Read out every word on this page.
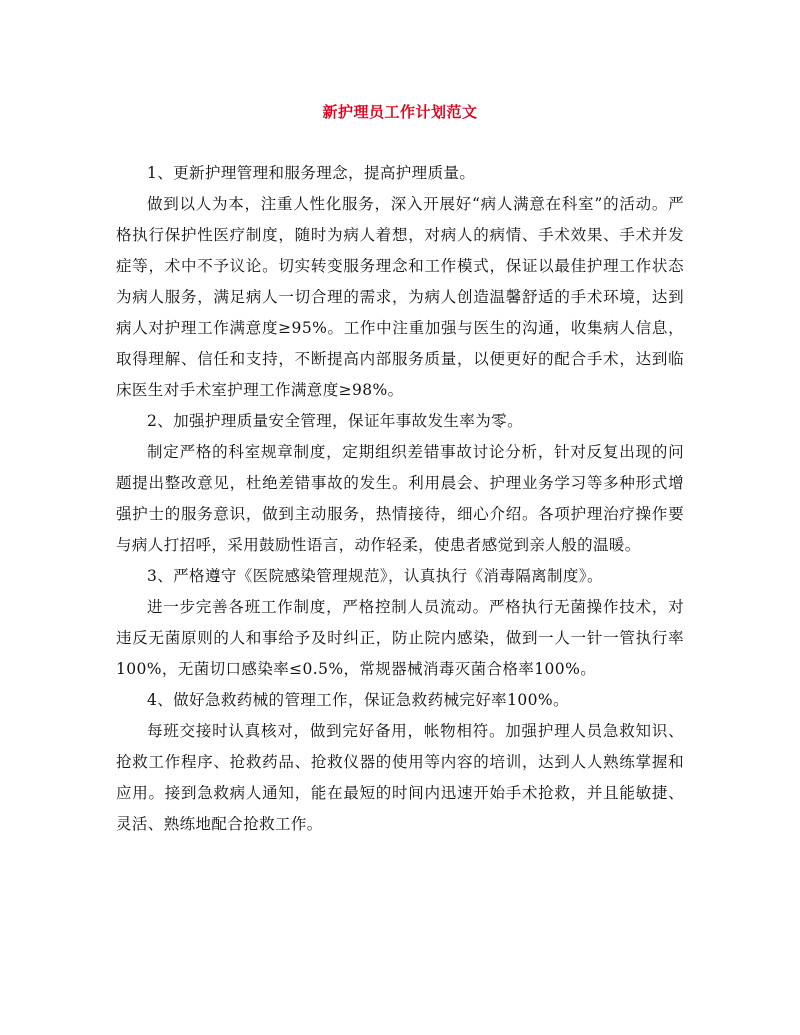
新护理员工作计划范文

1、更新护理管理和服务理念，提高护理质量。

做到以人为本，注重人性化服务，深入开展好“病人满意在科室”的活动。严格执行保护性医疗制度，随时为病人着想，对病人的病情、手术效果、手术并发症等，术中不予议论。切实转变服务理念和工作模式，保证以最佳护理工作状态为病人服务，满足病人一切合理的需求，为病人创造温馨舒适的手术环境，达到病人对护理工作满意度≥95%。工作中注重加强与医生的沟通，收集病人信息，取得理解、信任和支持，不断提高内部服务质量，以便更好的配合手术，达到临床医生对手术室护理工作满意度≥98%。

2、加强护理质量安全管理，保证年事故发生率为零。

制定严格的科室规章制度，定期组织差错事故讨论分析，针对反复出现的问题提出整改意见，杜绝差错事故的发生。利用晨会、护理业务学习等多种形式增强护士的服务意识，做到主动服务，热情接待，细心介绍。各项护理治疗操作要与病人打招呼，采用鼓励性语言，动作轻柔，使患者感觉到亲人般的温暖。

3、严格遵守《医院感染管理规范》，认真执行《消毒隔离制度》。

进一步完善各班工作制度，严格控制人员流动。严格执行无菌操作技术，对违反无菌原则的人和事给予及时纠正，防止院内感染，做到一人一针一管执行率100%，无菌切口感染率≤0.5%，常规器械消毒灭菌合格率100%。

4、做好急救药械的管理工作，保证急救药械完好率100%。

每班交接时认真核对，做到完好备用，帐物相符。加强护理人员急救知识、抢救工作程序、抢救药品、抢救仪器的使用等内容的培训，达到人人熟练掌握和应用。接到急救病人通知，能在最短的时间内迅速开始手术抢救，并且能敏捷、灵活、熟练地配合抢救工作。
